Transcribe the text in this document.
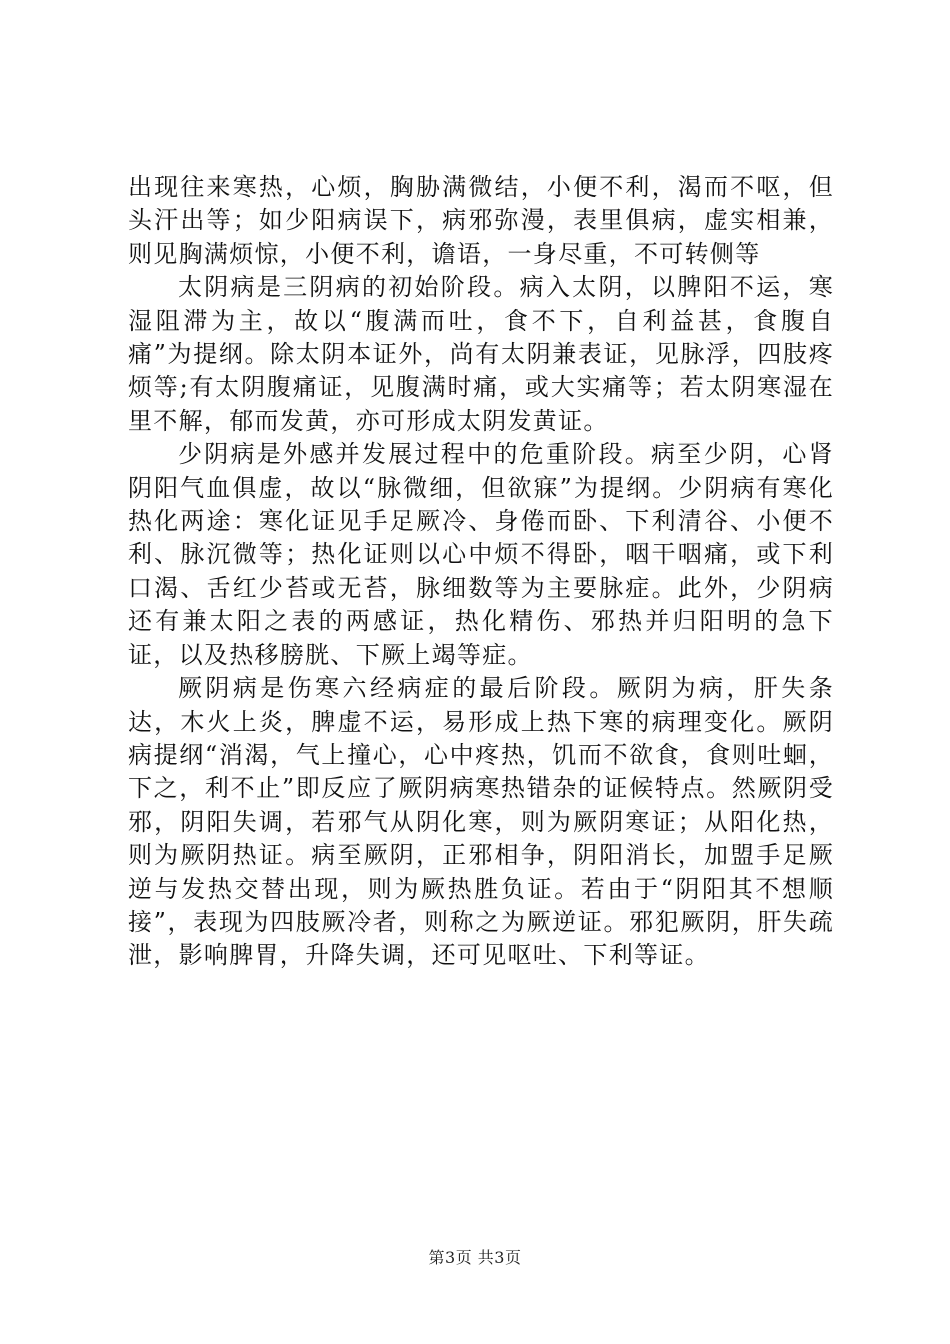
出现往来寒热，心烦，胸胁满微结，小便不利，渴而不呕，但头汗出等；如少阳病误下，病邪弥漫，表里俱病，虚实相兼，则见胸满烦惊，小便不利，谵语，一身尽重，不可转侧等

太阴病是三阴病的初始阶段。病入太阴，以脾阳不运，寒湿阻滞为主，故以“腹满而吐，食不下，自利益甚，食腹自痛”为提纲。除太阴本证外，尚有太阴兼表证，见脉浮，四肢疼烦等;有太阴腹痛证，见腹满时痛，或大实痛等；若太阴寒湿在里不解，郁而发黄，亦可形成太阴发黄证。

少阴病是外感并发展过程中的危重阶段。病至少阴，心肾阴阳气血俱虚，故以“脉微细，但欲寐”为提纲。少阴病有寒化热化两途：寒化证见手足厥冷、身倦而卧、下利清谷、小便不利、脉沉微等；热化证则以心中烦不得卧，咽干咽痛，或下利口渴、舌红少苔或无苔，脉细数等为主要脉症。此外，少阴病还有兼太阳之表的两感证，热化精伤、邪热并归阳明的急下证，以及热移膀胱、下厥上竭等症。

厥阴病是伤寒六经病症的最后阶段。厥阴为病，肝失条达，木火上炎，脾虚不运，易形成上热下寒的病理变化。厥阴病提纲“消渴，气上撞心，心中疼热，饥而不欲食，食则吐蛔，下之，利不止”即反应了厥阴病寒热错杂的证候特点。然厥阴受邪，阴阳失调，若邪气从阴化寒，则为厥阴寒证；从阳化热，则为厥阴热证。病至厥阴，正邪相争，阴阳消长，加盟手足厥逆与发热交替出现，则为厥热胜负证。若由于“阴阳其不想顺接”，表现为四肢厥冷者，则称之为厥逆证。邪犯厥阴，肝失疏泄，影响脾胃，升降失调，还可见呕吐、下利等证。

第3页 共3页
